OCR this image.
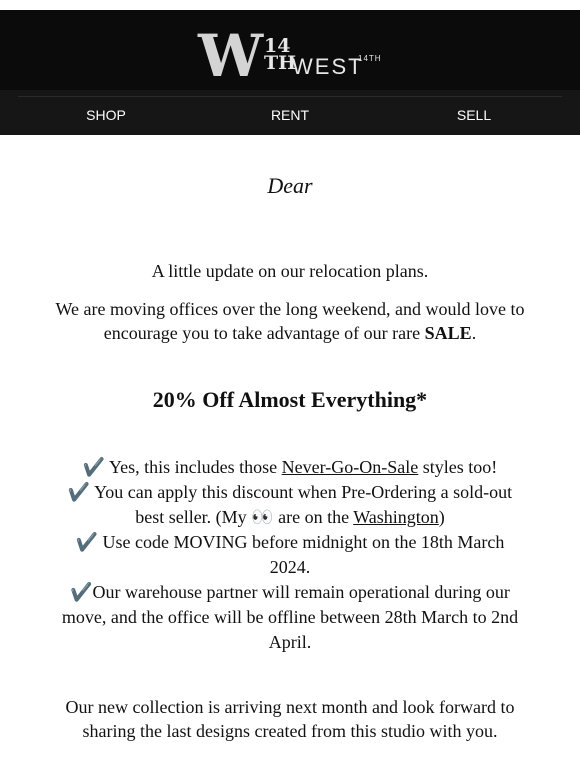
W 14
TH
WEST
14TH
SHOP	RENT	SELL
Dear
A little update on our relocation plans.
We are moving offices over the long weekend, and would love to encourage you to take advantage of our rare SALE.
20% Off Almost Everything*
✔️ Yes, this includes those Never-Go-On-Sale styles too!
✔️ You can apply this discount when Pre-Ordering a sold-out best seller. (My 👀 are on the Washington)
✔️ Use code MOVING before midnight on the 18th March 2024.
✔️Our warehouse partner will remain operational during our move, and the office will be offline between 28th March to 2nd April.
Our new collection is arriving next month and look forward to sharing the last designs created from this studio with you.
